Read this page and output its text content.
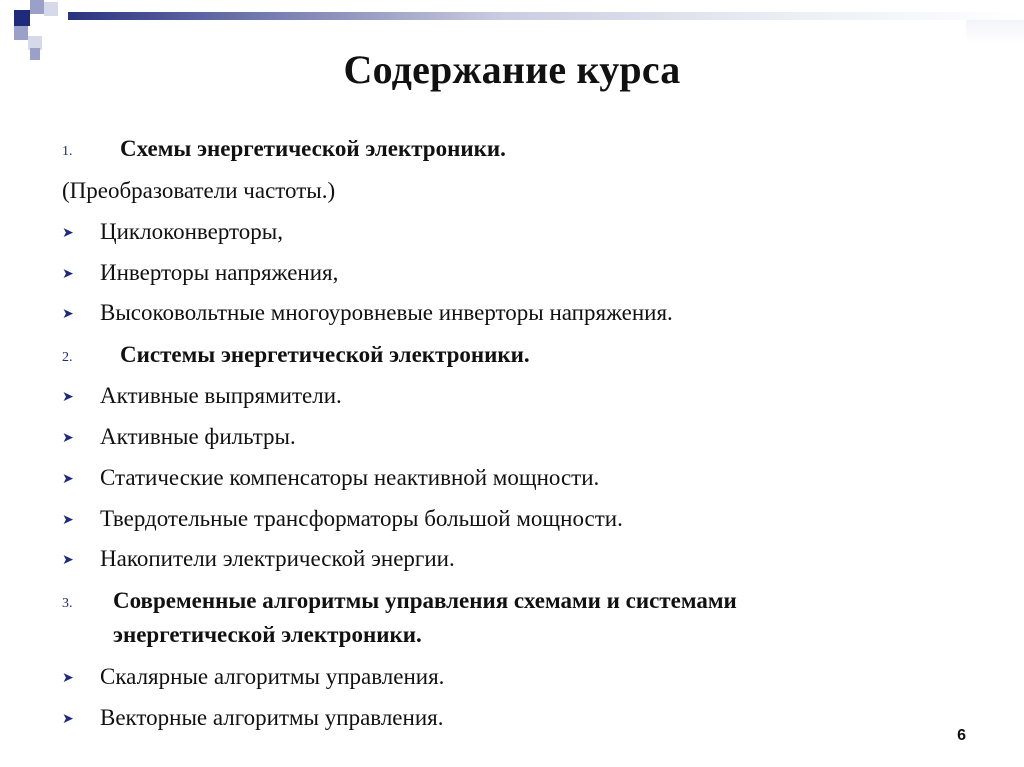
Содержание курса
1.	Схемы энергетической электроники.
(Преобразователи частоты.)
➤ Циклоконверторы,
➤ Инверторы напряжения,
➤ Высоковольтные многоуровневые инверторы напряжения.
2.	Системы энергетической электроники.
➤ Активные выпрямители.
➤ Активные фильтры.
➤ Статические компенсаторы неактивной мощности.
➤ Твердотельные трансформаторы большой мощности.
➤ Накопители электрической энергии.
3.	Современные алгоритмы управления схемами и системами
энергетической электроники.
➤ Скалярные алгоритмы управления.
➤ Векторные алгоритмы управления.
6
